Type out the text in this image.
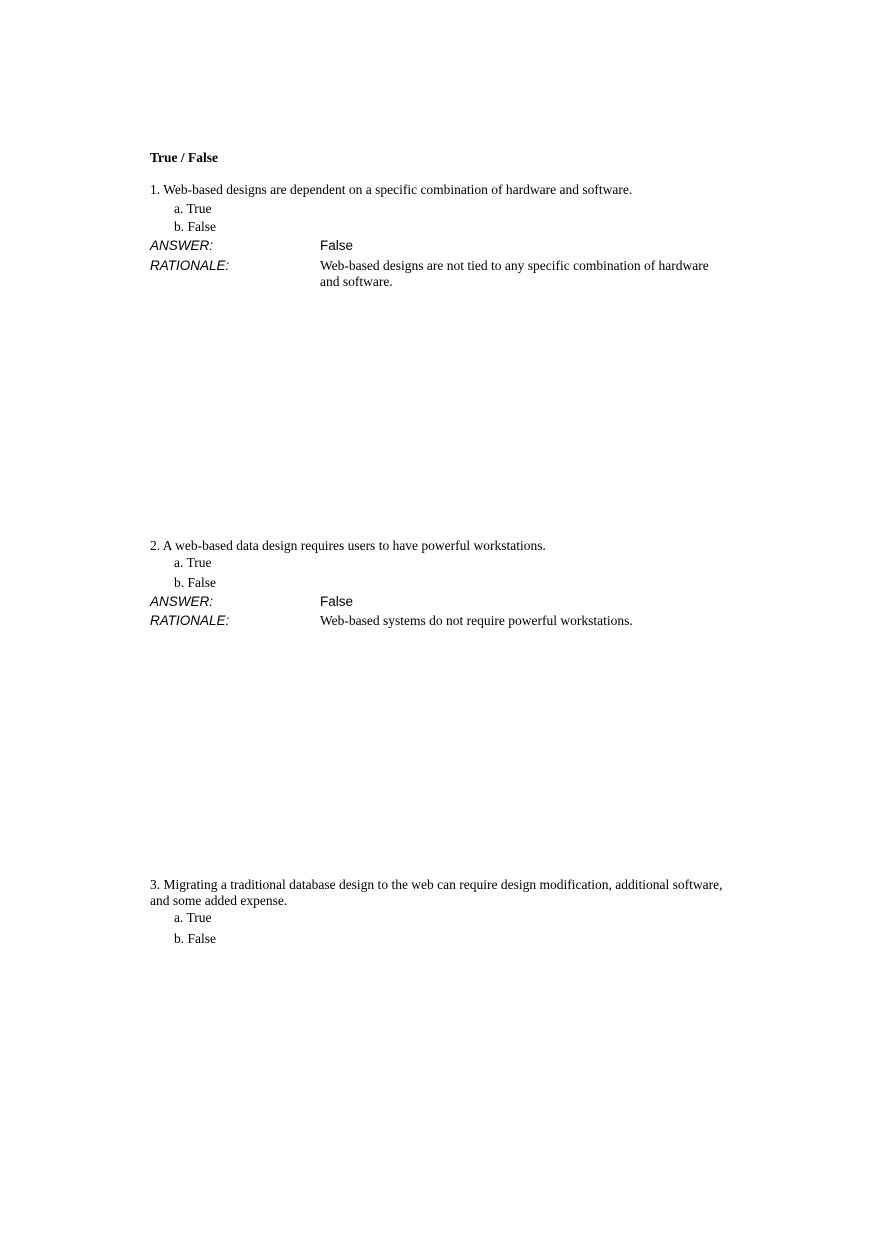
True / False
1. Web-based designs are dependent on a specific combination of hardware and software.
a. True
b. False
ANSWER:	False
RATIONALE:	Web-based designs are not tied to any specific combination of hardware
and software.
2. A web-based data design requires users to have powerful workstations.
a. True
b. False
ANSWER:	False
RATIONALE:	Web-based systems do not require powerful workstations.
3. Migrating a traditional database design to the web can require design modification, additional software,
and some added expense.
a. True
b. False
